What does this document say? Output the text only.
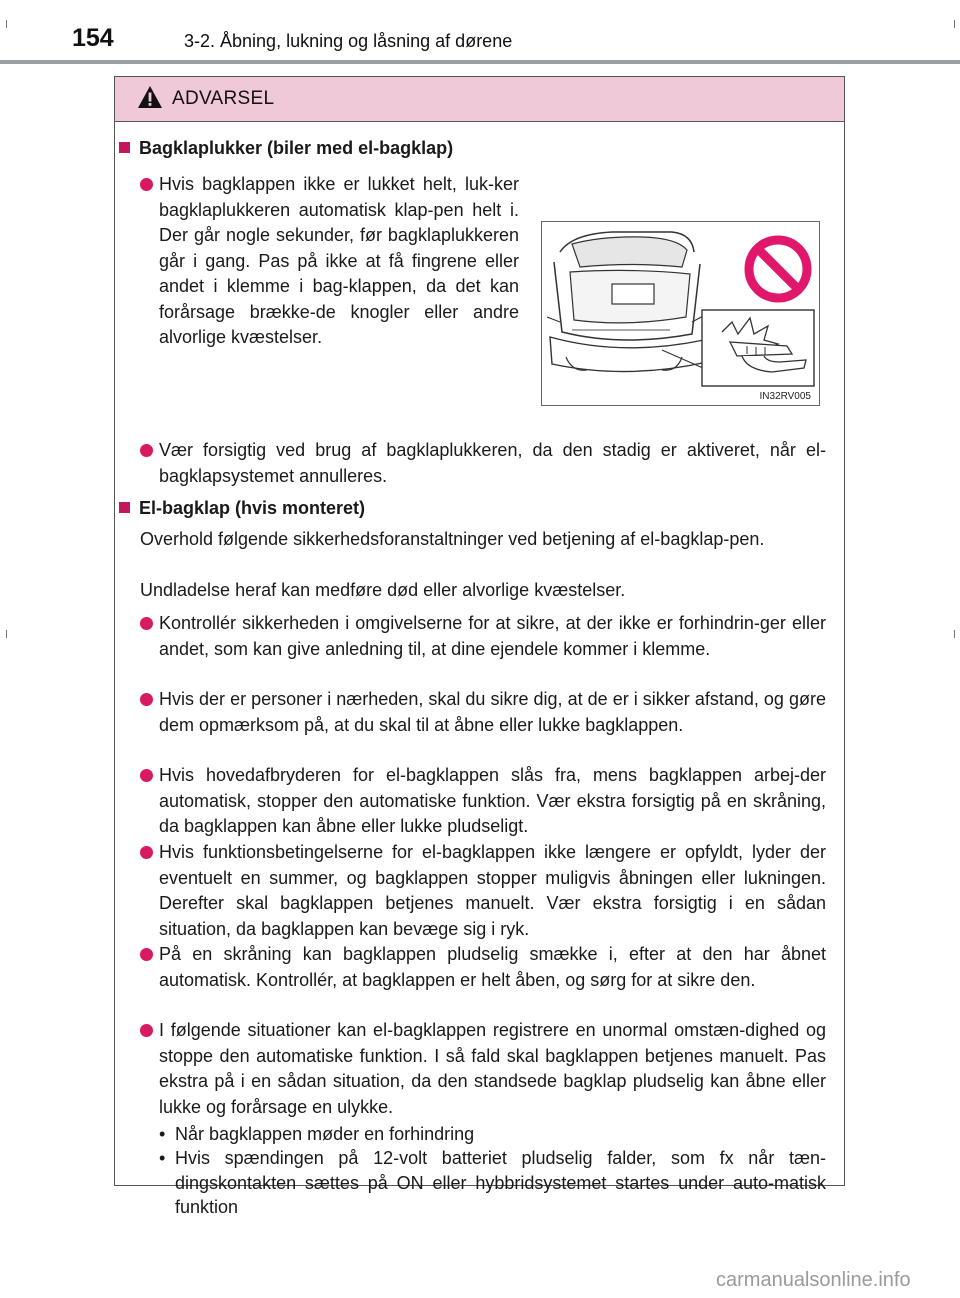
154	3-2. Åbning, lukning og låsning af dørene
ADVARSEL
Bagklaplukker (biler med el-bagklap)
Hvis bagklappen ikke er lukket helt, luk-ker bagklaplukkeren automatisk klap-pen helt i. Der går nogle sekunder, før bagklaplukkeren går i gang. Pas på ikke at få fingrene eller andet i klemme i bag-klappen, da det kan forårsage brække-de knogler eller andre alvorlige kvæstelser.
IN32RV005
Vær forsigtig ved brug af bagklaplukkeren, da den stadig er aktiveret, når el-bagklapsystemet annulleres.
El-bagklap (hvis monteret)
Overhold følgende sikkerhedsforanstaltninger ved betjening af el-bagklap-pen.
Undladelse heraf kan medføre død eller alvorlige kvæstelser.
Kontrollér sikkerheden i omgivelserne for at sikre, at der ikke er forhindrin-ger eller andet, som kan give anledning til, at dine ejendele kommer i klemme.
Hvis der er personer i nærheden, skal du sikre dig, at de er i sikker afstand, og gøre dem opmærksom på, at du skal til at åbne eller lukke bagklappen.
Hvis hovedafbryderen for el-bagklappen slås fra, mens bagklappen arbej-der automatisk, stopper den automatiske funktion. Vær ekstra forsigtig på en skråning, da bagklappen kan åbne eller lukke pludseligt.
Hvis funktionsbetingelserne for el-bagklappen ikke længere er opfyldt, lyder der eventuelt en summer, og bagklappen stopper muligvis åbningen eller lukningen. Derefter skal bagklappen betjenes manuelt. Vær ekstra forsigtig i en sådan situation, da bagklappen kan bevæge sig i ryk.
På en skråning kan bagklappen pludselig smække i, efter at den har åbnet automatisk. Kontrollér, at bagklappen er helt åben, og sørg for at sikre den.
I følgende situationer kan el-bagklappen registrere en unormal omstæn-dighed og stoppe den automatiske funktion. I så fald skal bagklappen betjenes manuelt. Pas ekstra på i en sådan situation, da den standsede bagklap pludselig kan åbne eller lukke og forårsage en ulykke.
• Når bagklappen møder en forhindring
• Hvis spændingen på 12-volt batteriet pludselig falder, som fx når tæn-dingskontakten sættes på ON eller hybbridsystemet startes under auto-matisk funktion
carmanualsonline.info
